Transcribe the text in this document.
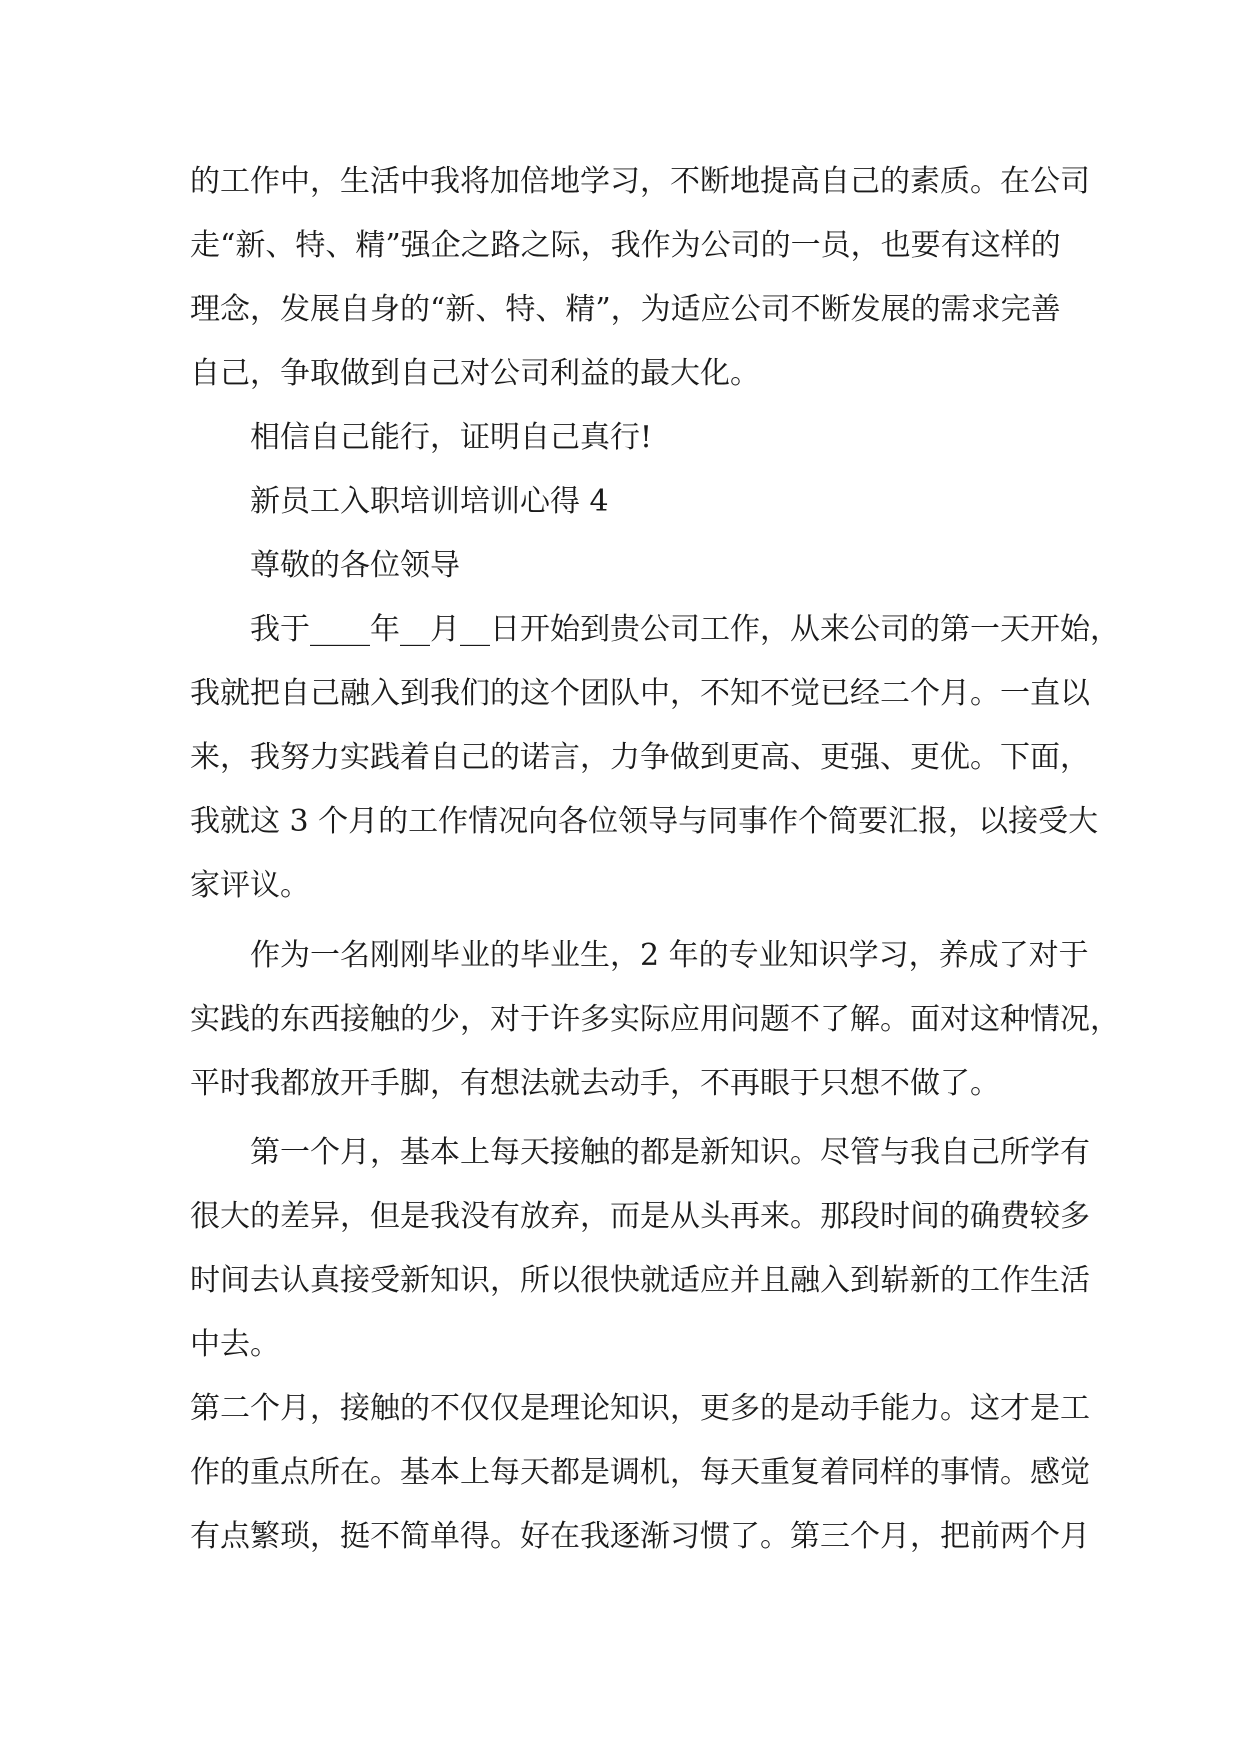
的工作中，生活中我将加倍地学习，不断地提高自己的素质。在公司
走“新、特、精”强企之路之际，我作为公司的一员，也要有这样的
理念，发展自身的“新、特、精”，为适应公司不断发展的需求完善
自己，争取做到自己对公司利益的最大化。
相信自己能行，证明自己真行!
新员工入职培训培训心得 4
尊敬的各位领导
我于____年__月__日开始到贵公司工作，从来公司的第一天开始，
我就把自己融入到我们的这个团队中，不知不觉已经二个月。一直以
来，我努力实践着自己的诺言，力争做到更高、更强、更优。下面，
我就这 3 个月的工作情况向各位领导与同事作个简要汇报，以接受大
家评议。
作为一名刚刚毕业的毕业生，2 年的专业知识学习，养成了对于
实践的东西接触的少，对于许多实际应用问题不了解。面对这种情况，
平时我都放开手脚，有想法就去动手，不再眼于只想不做了。
第一个月，基本上每天接触的都是新知识。尽管与我自己所学有
很大的差异，但是我没有放弃，而是从头再来。那段时间的确费较多
时间去认真接受新知识，所以很快就适应并且融入到崭新的工作生活
中去。
第二个月，接触的不仅仅是理论知识，更多的是动手能力。这才是工
作的重点所在。基本上每天都是调机，每天重复着同样的事情。感觉
有点繁琐，挺不简单得。好在我逐渐习惯了。第三个月，把前两个月
